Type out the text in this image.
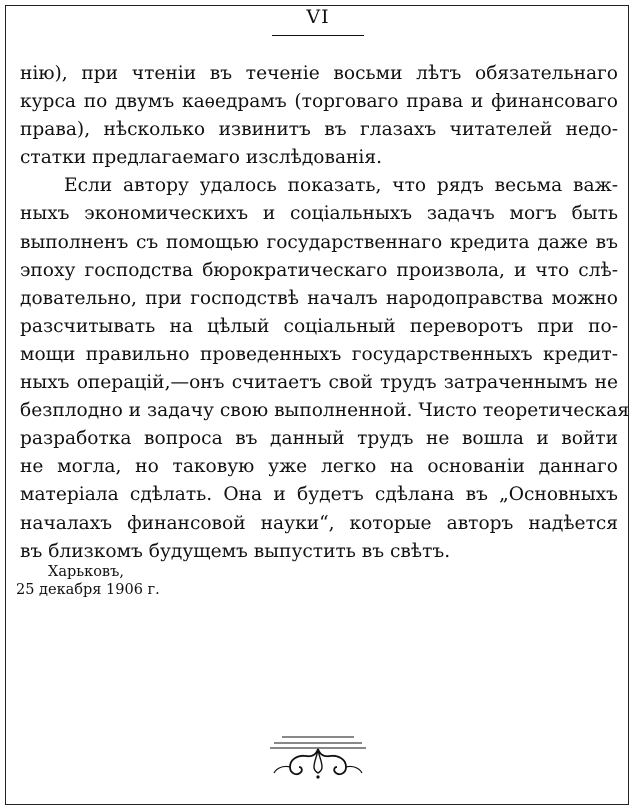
VI
нію), при чтеніи въ теченіе восьми лѣтъ обязательнаго
курса по двумъ каѳедрамъ (торговаго права и финансоваго
права), нѣсколько извинитъ въ глазахъ читателей недо-
статки предлагаемаго изслѣдованія.
Если автору удалось показать, что рядъ весьма важ-
ныхъ экономическихъ и соціальныхъ задачъ могъ быть
выполненъ съ помощью государственнаго кредита даже въ
эпоху господства бюрократическаго произвола, и что слѣ-
довательно, при господствѣ началъ народоправства можно
разсчитывать на цѣлый соціальный переворотъ при по-
мощи правильно проведенныхъ государственныхъ кредит-
ныхъ операцій,—онъ считаетъ свой трудъ затраченнымъ не
безплодно и задачу свою выполненной. Чисто теоретическая
разработка вопроса въ данный трудъ не вошла и войти
не могла, но таковую уже легко на основаніи даннаго
матеріала сдѣлать. Она и будетъ сдѣлана въ „Основныхъ
началахъ финансовой науки“, которые авторъ надѣется
въ близкомъ будущемъ выпустить въ свѣтъ.
Харьковъ,
25 декабря 1906 г.
